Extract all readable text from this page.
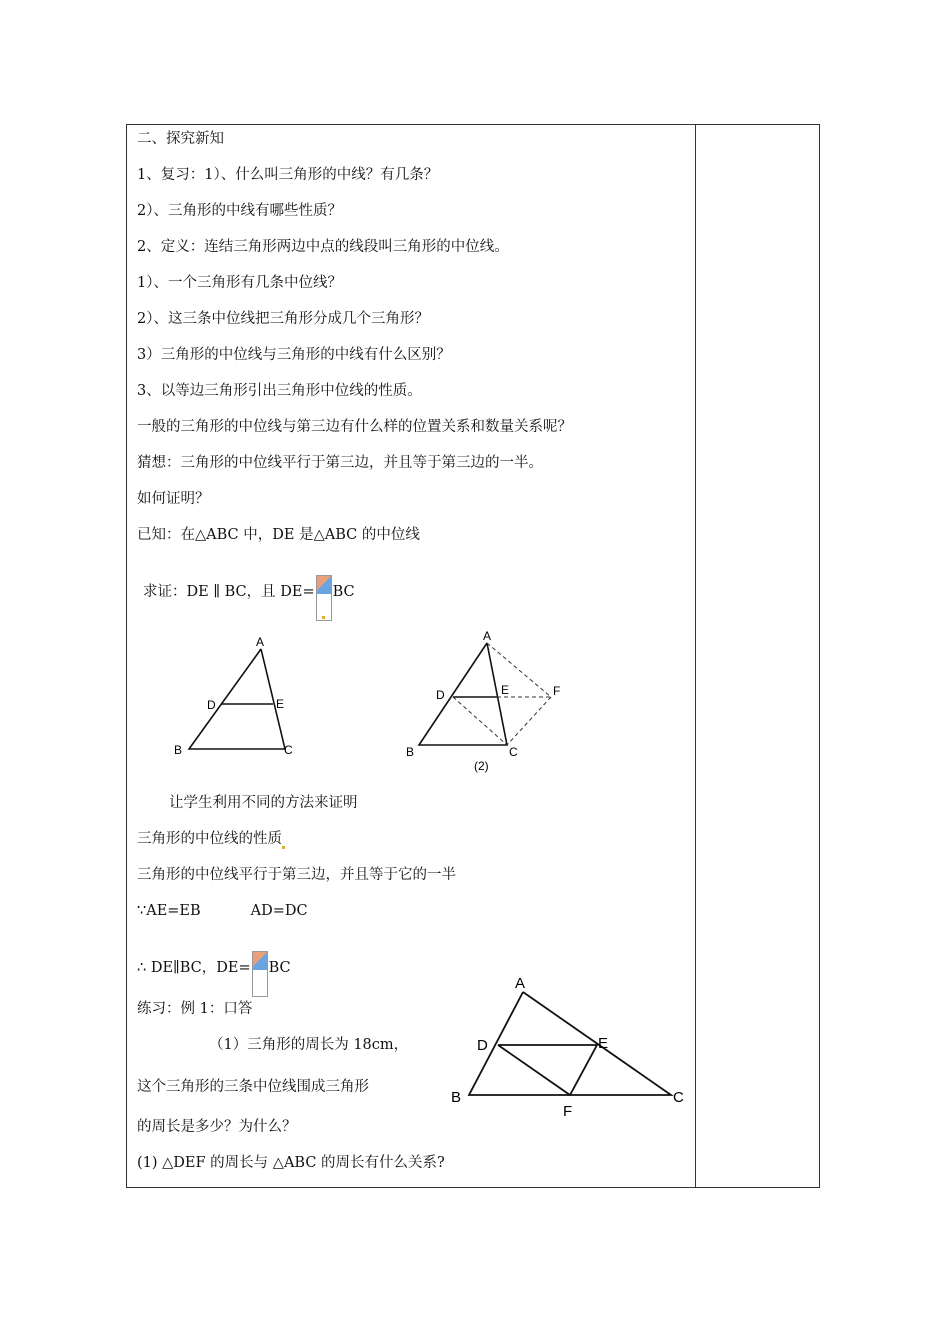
二、探究新知
1、复习：1）、什么叫三角形的中线？有几条？
2）、三角形的中线有哪些性质？
2、定义：连结三角形两边中点的线段叫三角形的中位线。
1）、一个三角形有几条中位线？
2）、这三条中位线把三角形分成几个三角形？
3）三角形的中位线与三角形的中线有什么区别？
3、以等边三角形引出三角形中位线的性质。
一般的三角形的中位线与第三边有什么样的位置关系和数量关系呢？
猜想：三角形的中位线平行于第三边，并且等于第三边的一半。
如何证明？
已知：在△ABC 中，DE 是△ABC 的中位线
求证：DE ∥ BC，且 DE= BC
A
B	C
D	E
A
B	C
D	E	F
(2)
让学生利用不同的方法来证明
三角形的中位线的性质
三角形的中位线平行于第三边，并且等于它的一半
∵AE=EB	AD=DC
∴ DE∥BC，DE= BC
练习：例 1：口答
（1）三角形的周长为 18cm，
这个三角形的三条中位线围成三角形
的周长是多少？为什么？
(1) △DEF 的周长与 △ABC 的周长有什么关系?
A
B	C
D	E
F
